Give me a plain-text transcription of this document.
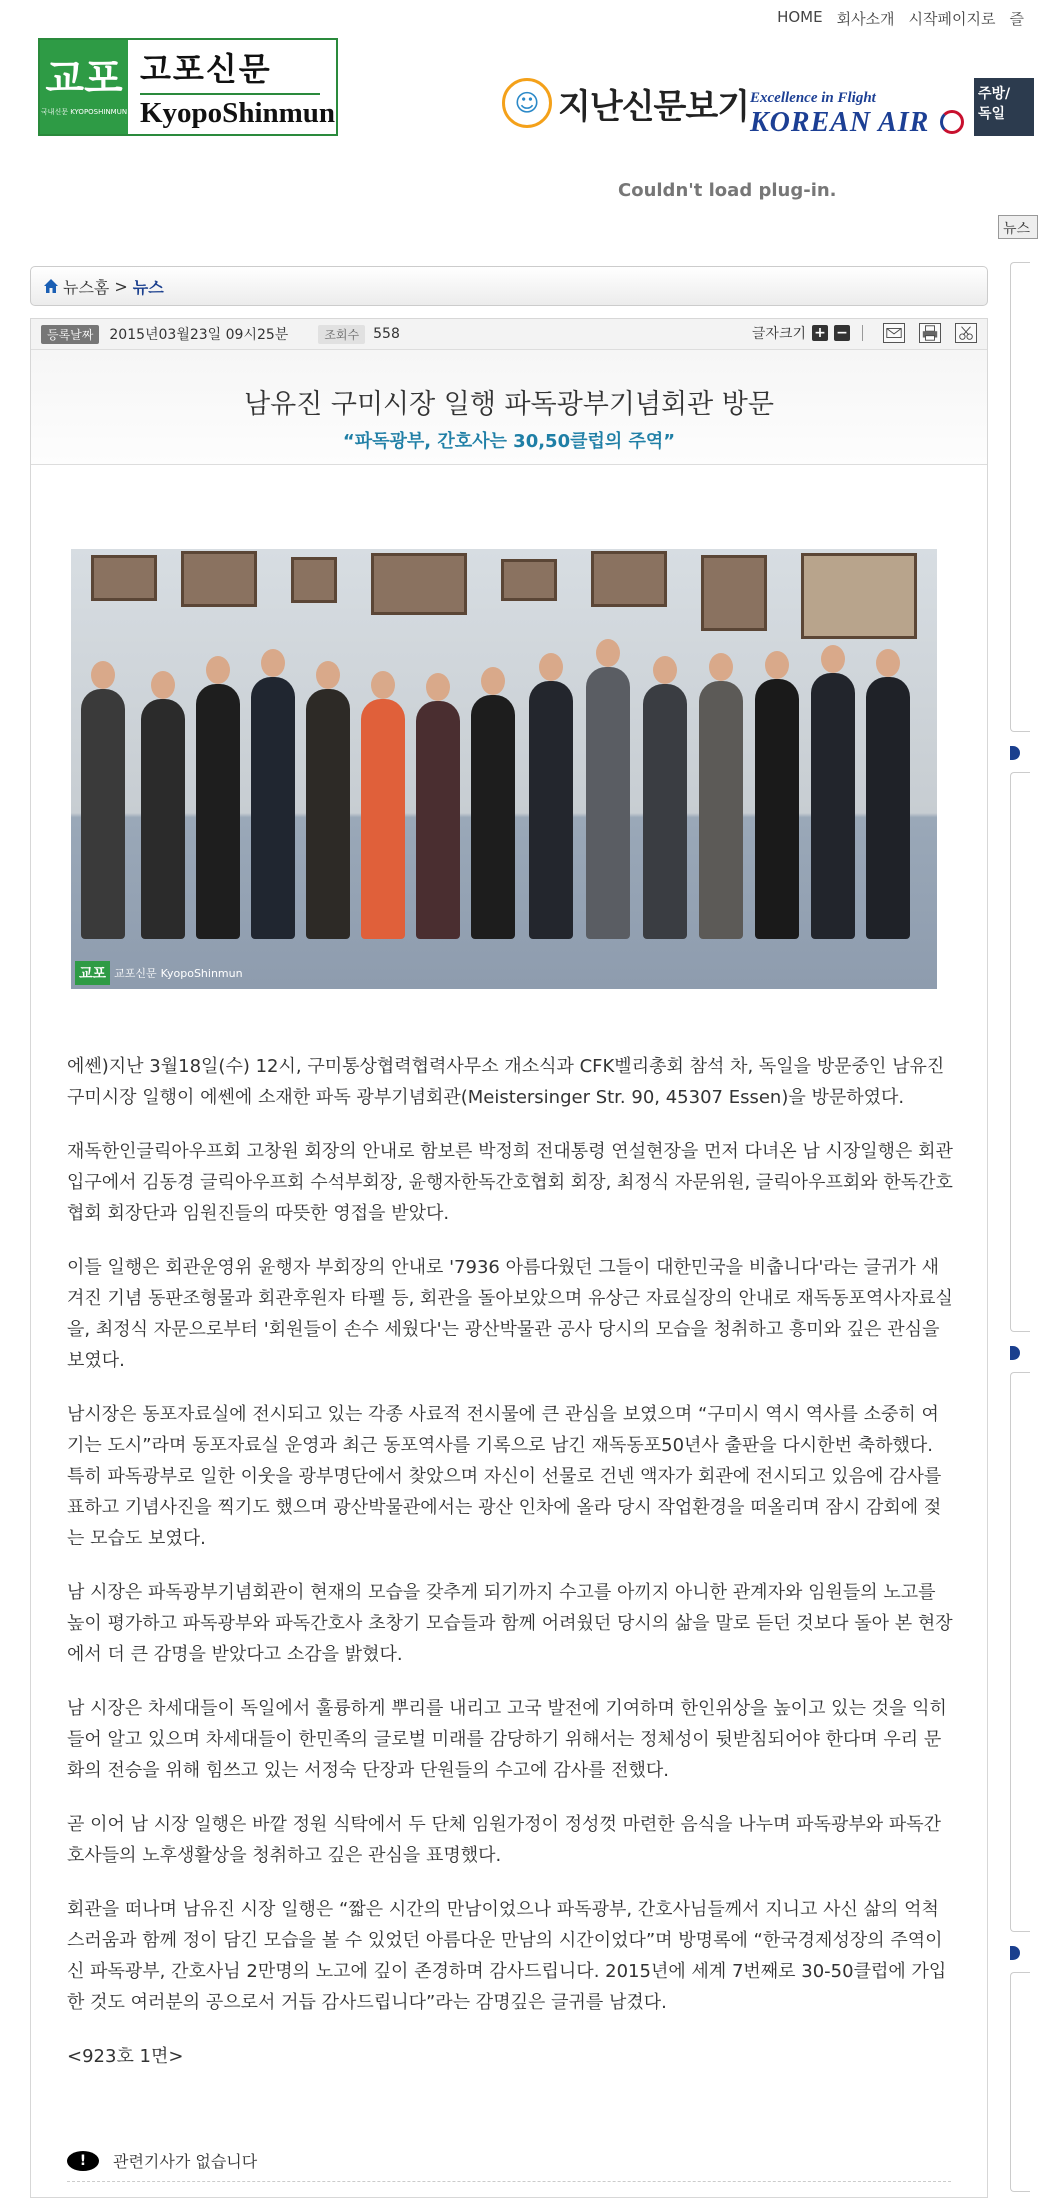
HOME 회사소개 시작페이지로 즐
교포
국내신문 KYOPOSHINMUN
고포신문
KyopoShinmun	☺ 지난신문보기 Excellence in Flight
KOREAN AIR
주방/
독일
Couldn't load plug-in.
뉴스
뉴스홈 > 뉴스
등록날짜	2015년03월23일 09시25분	조회수	558	글자크기 + −
남유진 구미시장 일행 파독광부기념회관 방문
“파독광부, 간호사는 30,50클럽의 주역”
교포 교포신문 KyopoShinmun

에쎈)지난 3월18일(수) 12시, 구미통상협력협력사무소 개소식과 CFK벨리총회 참석 차, 독일을 방문중인 남유진 구미시장 일행이 에쎈에 소재한 파독 광부기념회관(Meistersinger Str. 90, 45307 Essen)을 방문하였다.

재독한인글릭아우프회 고창원 회장의 안내로 함보른 박정희 전대통령 연설현장을 먼저 다녀온 남 시장일행은 회관 입구에서 김동경 글릭아우프회 수석부회장, 윤행자한독간호협회 회장, 최정식 자문위원, 글릭아우프회와 한독간호협회 회장단과 임원진들의 따뜻한 영접을 받았다.

이들 일행은 회관운영위 윤행자 부회장의 안내로 '7936 아름다웠던 그들이 대한민국을 비춥니다'라는 글귀가 새겨진 기념 동판조형물과 회관후원자 타펠 등, 회관을 돌아보았으며 유상근 자료실장의 안내로 재독동포역사자료실을, 최정식 자문으로부터 '회원들이 손수 세웠다'는 광산박물관 공사 당시의 모습을 청취하고 흥미와 깊은 관심을 보였다.

남시장은 동포자료실에 전시되고 있는 각종 사료적 전시물에 큰 관심을 보였으며 “구미시 역시 역사를 소중히 여기는 도시”라며 동포자료실 운영과 최근 동포역사를 기록으로 남긴 재독동포50년사 출판을 다시한번 축하했다. 특히 파독광부로 일한 이웃을 광부명단에서 찾았으며 자신이 선물로 건넨 액자가 회관에 전시되고 있음에 감사를 표하고 기념사진을 찍기도 했으며 광산박물관에서는 광산 인차에 올라 당시 작업환경을 떠올리며 잠시 감회에 젖는 모습도 보였다.

남 시장은 파독광부기념회관이 현재의 모습을 갖추게 되기까지 수고를 아끼지 아니한 관계자와 임원들의 노고를 높이 평가하고 파독광부와 파독간호사 초창기 모습들과 함께 어려웠던 당시의 삶을 말로 듣던 것보다 돌아 본 현장에서 더 큰 감명을 받았다고 소감을 밝혔다.

남 시장은 차세대들이 독일에서 훌륭하게 뿌리를 내리고 고국 발전에 기여하며 한인위상을 높이고 있는 것을 익히 들어 알고 있으며 차세대들이 한민족의 글로벌 미래를 감당하기 위해서는 정체성이 뒷받침되어야 한다며 우리 문화의 전승을 위해 힘쓰고 있는 서정숙 단장과 단원들의 수고에 감사를 전했다.

곧 이어 남 시장 일행은 바깥 정원 식탁에서 두 단체 임원가정이 정성껏 마련한 음식을 나누며 파독광부와 파독간호사들의 노후생활상을 청취하고 깊은 관심을 표명했다.

회관을 떠나며 남유진 시장 일행은 “짧은 시간의 만남이었으나 파독광부, 간호사님들께서 지니고 사신 삶의 억척스러움과 함께 정이 담긴 모습을 볼 수 있었던 아름다운 만남의 시간이었다”며 방명록에 “한국경제성장의 주역이신 파독광부, 간호사님 2만명의 노고에 깊이 존경하며 감사드립니다. 2015년에 세계 7번째로 30-50클럽에 가입한 것도 여러분의 공으로서 거듭 감사드립니다”라는 감명깊은 글귀를 남겼다.

<923호 1면>

!	관련기사가 없습니다
